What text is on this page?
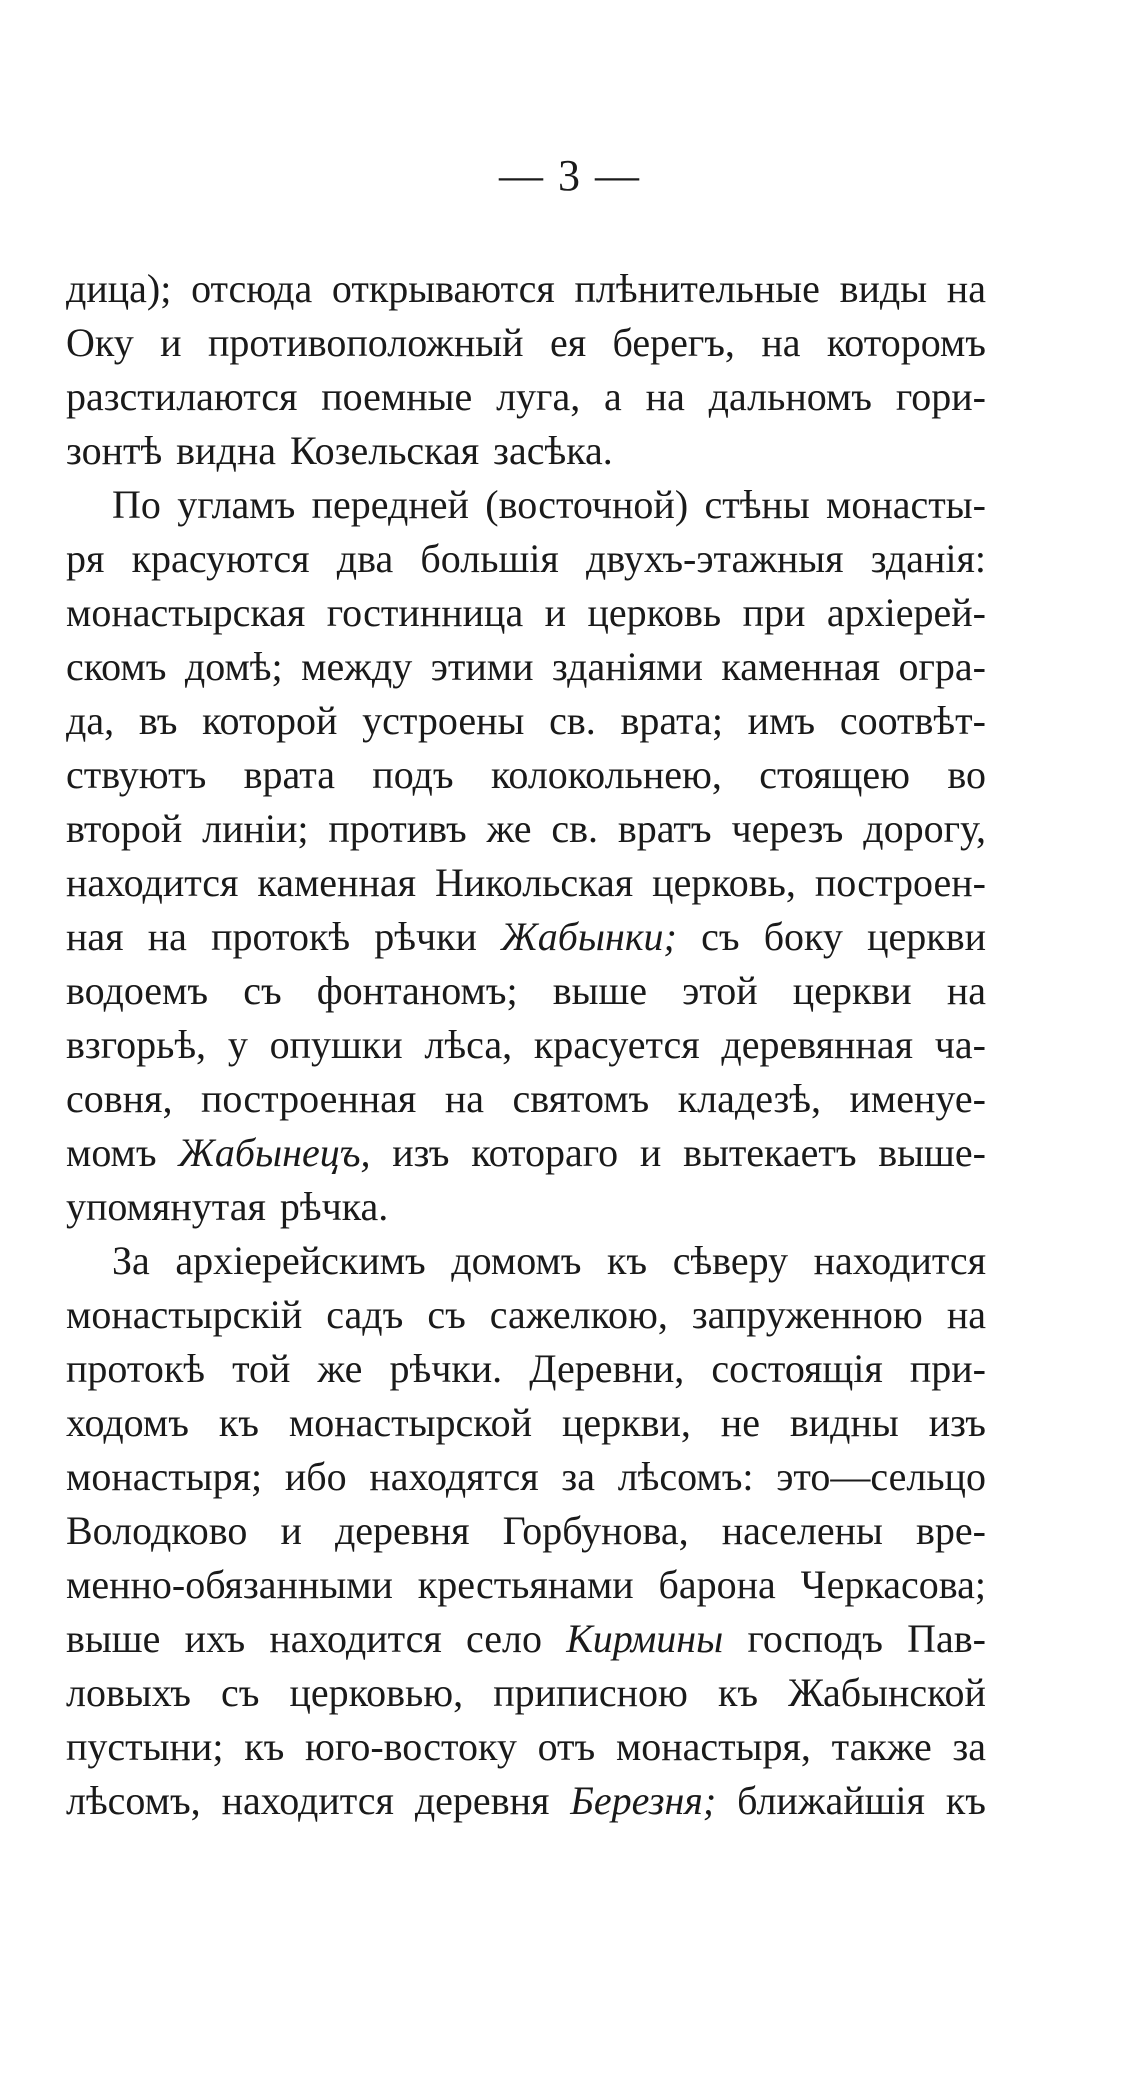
— 3 —
дица); отсюда открываются плѣнительные виды на
Оку и противоположный ея берегъ, на которомъ
разстилаются поемные луга, а на дальномъ гори-
зонтѣ видна Козельская засѣка.
По угламъ передней (восточной) стѣны монасты-
ря красуются два большія двухъ-этажныя зданія:
монастырская гостинница и церковь при архіерей-
скомъ домѣ; между этими зданіями каменная огра-
да, въ которой устроены св. врата; имъ соотвѣт-
ствуютъ врата подъ колокольнею, стоящею во
второй линіи; противъ же св. вратъ черезъ дорогу,
находится каменная Никольская церковь, построен-
ная на протокѣ рѣчки Жабынки; съ боку церкви
водоемъ съ фонтаномъ; выше этой церкви на
взгорьѣ, у опушки лѣса, красуется деревянная ча-
совня, построенная на святомъ кладезѣ, именуе-
момъ Жабынецъ, изъ котораго и вытекаетъ выше-
упомянутая рѣчка.
За архіерейскимъ домомъ къ сѣверу находится
монастырскій садъ съ сажелкою, запруженною на
протокѣ той же рѣчки. Деревни, состоящія при-
ходомъ къ монастырской церкви, не видны изъ
монастыря; ибо находятся за лѣсомъ: это—сельцо
Володково и деревня Горбунова, населены вре-
менно-обязанными крестьянами барона Черкасова;
выше ихъ находится село Кирмины господъ Пав-
ловыхъ съ церковью, приписною къ Жабынской
пустыни; къ юго-востоку отъ монастыря, также за
лѣсомъ, находится деревня Березня; ближайшія къ
